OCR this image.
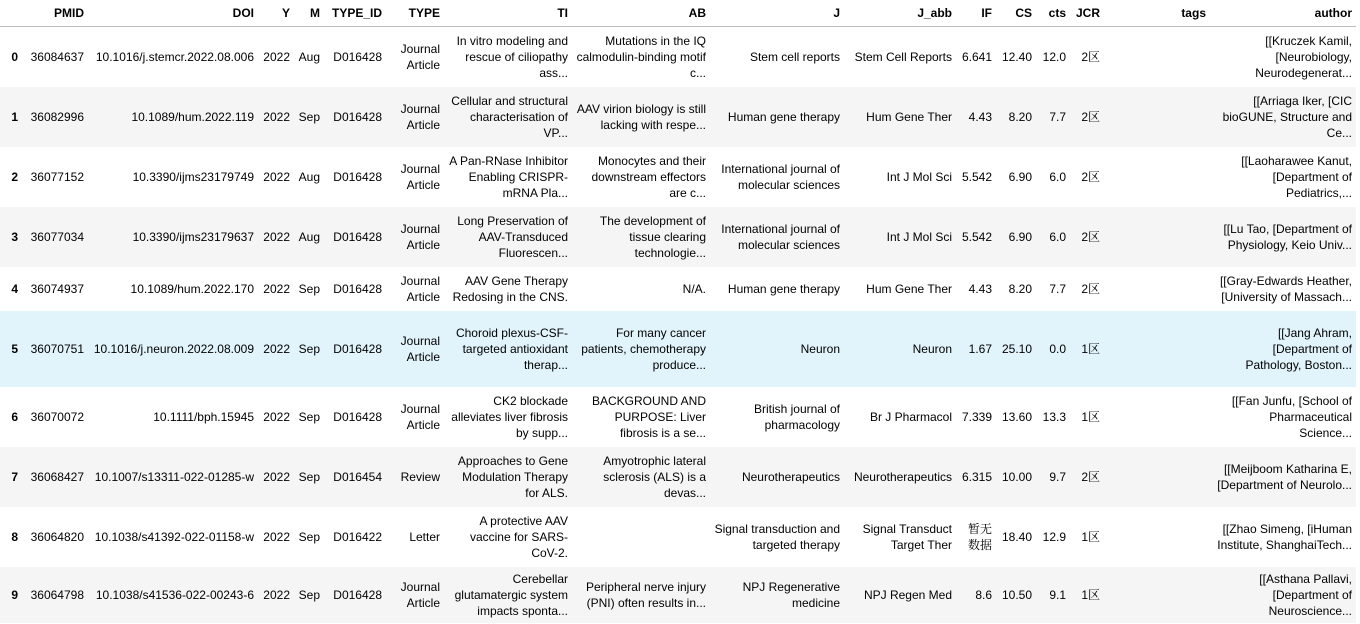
	PMID	DOI	Y	M	TYPE_ID	TYPE	TI	AB	J	J_abb	IF	CS	cts	JCR	tags	author
0	36084637	10.1016/j.stemcr.2022.08.006	2022	Aug	D016428	Journal Article	In vitro modeling and rescue of ciliopathy ass...	Mutations in the IQ calmodulin-binding motif c...	Stem cell reports	Stem Cell Reports	6.641	12.40	12.0	2区		[[Kruczek Kamil, [Neurobiology, Neurodegenerat...
1	36082996	10.1089/hum.2022.119	2022	Sep	D016428	Journal Article	Cellular and structural characterisation of VP...	AAV virion biology is still lacking with respe...	Human gene therapy	Hum Gene Ther	4.43	8.20	7.7	2区		[[Arriaga Iker, [CIC bioGUNE, Structure and Ce...
2	36077152	10.3390/ijms23179749	2022	Aug	D016428	Journal Article	A Pan-RNase Inhibitor Enabling CRISPR-mRNA Pla...	Monocytes and their downstream effectors are c...	International journal of molecular sciences	Int J Mol Sci	5.542	6.90	6.0	2区		[[Laoharawee Kanut, [Department of Pediatrics,...
3	36077034	10.3390/ijms23179637	2022	Aug	D016428	Journal Article	Long Preservation of AAV-Transduced Fluorescen...	The development of tissue clearing technologie...	International journal of molecular sciences	Int J Mol Sci	5.542	6.90	6.0	2区		[[Lu Tao, [Department of Physiology, Keio Univ...
4	36074937	10.1089/hum.2022.170	2022	Sep	D016428	Journal Article	AAV Gene Therapy Redosing in the CNS.	N/A.	Human gene therapy	Hum Gene Ther	4.43	8.20	7.7	2区		[[Gray-Edwards Heather, [University of Massach...
5	36070751	10.1016/j.neuron.2022.08.009	2022	Sep	D016428	Journal Article	Choroid plexus-CSF-targeted antioxidant therap...	For many cancer patients, chemotherapy produce...	Neuron	Neuron	1.67	25.10	0.0	1区		[[Jang Ahram, [Department of Pathology, Boston...
6	36070072	10.1111/bph.15945	2022	Sep	D016428	Journal Article	CK2 blockade alleviates liver fibrosis by supp...	BACKGROUND AND PURPOSE: Liver fibrosis is a se...	British journal of pharmacology	Br J Pharmacol	7.339	13.60	13.3	1区		[[Fan Junfu, [School of Pharmaceutical Science...
7	36068427	10.1007/s13311-022-01285-w	2022	Sep	D016454	Review	Approaches to Gene Modulation Therapy for ALS.	Amyotrophic lateral sclerosis (ALS) is a devas...	Neurotherapeutics	Neurotherapeutics	6.315	10.00	9.7	2区		[[Meijboom Katharina E, [Department of Neurolo...
8	36064820	10.1038/s41392-022-01158-w	2022	Sep	D016422	Letter	A protective AAV vaccine for SARS-CoV-2.		Signal transduction and targeted therapy	Signal Transduct Target Ther	暂无数据	18.40	12.9	1区		[[Zhao Simeng, [iHuman Institute, ShanghaiTech...
9	36064798	10.1038/s41536-022-00243-6	2022	Sep	D016428	Journal Article	Cerebellar glutamatergic system impacts sponta...	Peripheral nerve injury (PNI) often results in...	NPJ Regenerative medicine	NPJ Regen Med	8.6	10.50	9.1	1区		[[Asthana Pallavi, [Department of Neuroscience...
